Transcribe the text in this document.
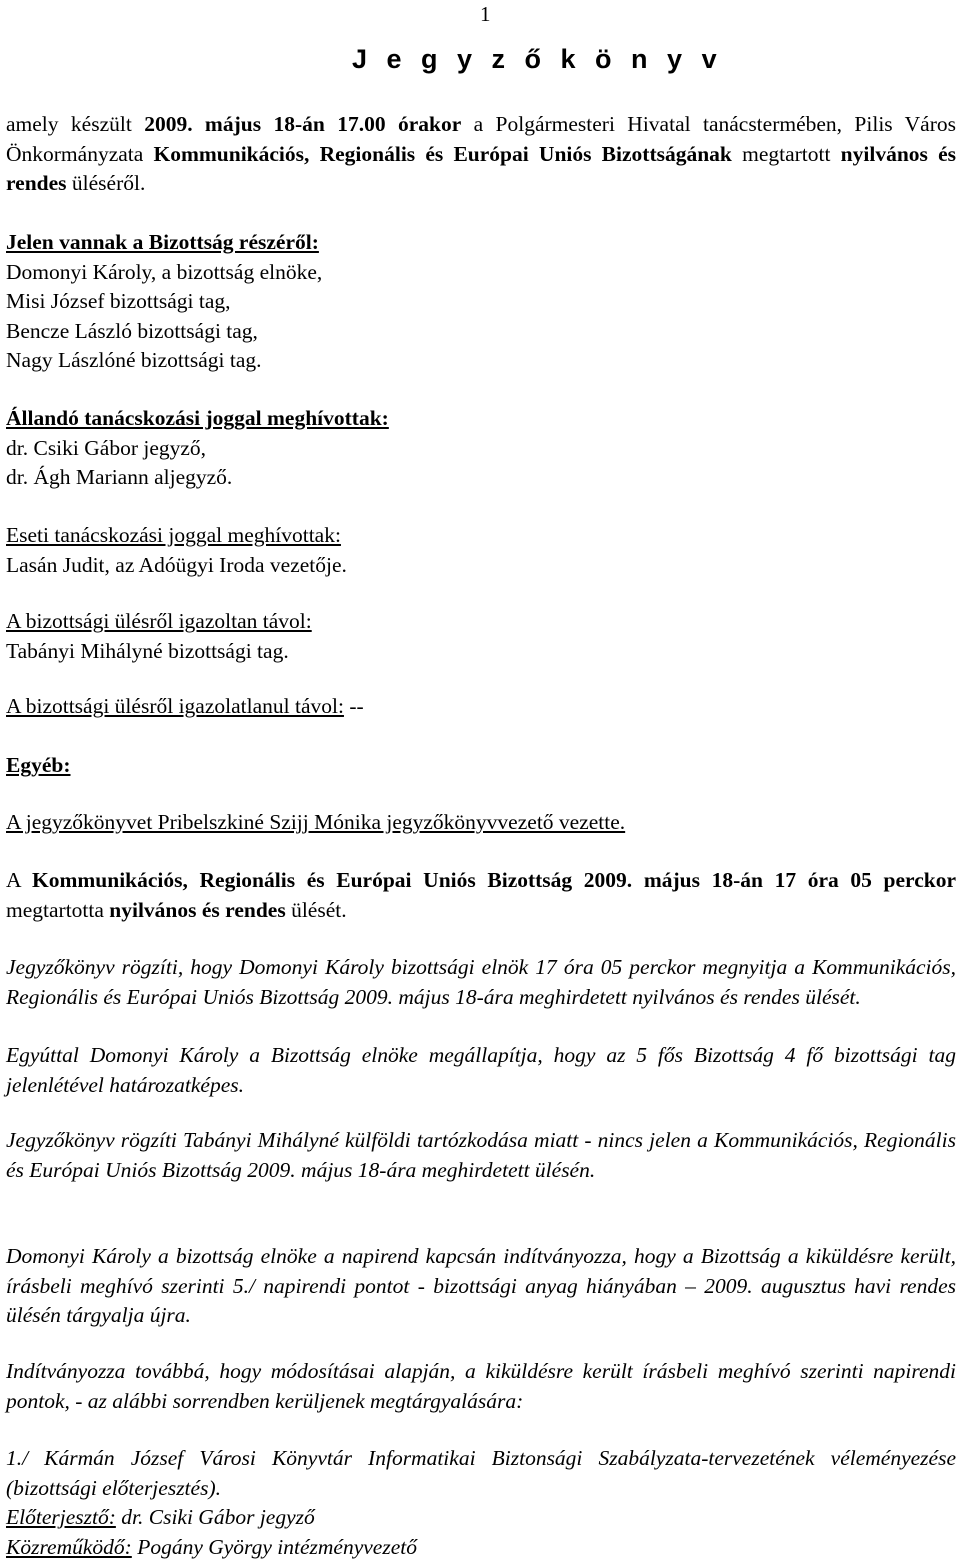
1
J e g y z ő k ö n y v
amely készült 2009. május 18-án 17.00 órakor a Polgármesteri Hivatal tanácstermében, Pilis Város Önkormányzata Kommunikációs, Regionális és Európai Uniós Bizottságának megtartott nyilvános és rendes üléséről.
Jelen vannak a Bizottság részéről:
Domonyi Károly, a bizottság elnöke,
Misi József bizottsági tag,
Bencze László bizottsági tag,
Nagy Lászlóné bizottsági tag.
Állandó tanácskozási joggal meghívottak:
dr. Csiki Gábor jegyző,
dr. Ágh Mariann aljegyző.
Eseti tanácskozási joggal meghívottak:
Lasán Judit, az Adóügyi Iroda vezetője.
A bizottsági ülésről igazoltan távol:
Tabányi Mihályné bizottsági tag.
A bizottsági ülésről igazolatlanul távol: --
Egyéb:
A jegyzőkönyvet Pribelszkiné Szijj Mónika jegyzőkönyvvezető vezette.
A Kommunikációs, Regionális és Európai Uniós Bizottság 2009. május 18-án 17 óra 05 perckor megtartotta nyilvános és rendes ülését.
Jegyzőkönyv rögzíti, hogy Domonyi Károly bizottsági elnök 17 óra 05 perckor megnyitja a Kommunikációs, Regionális és Európai Uniós Bizottság 2009. május 18-ára meghirdetett nyilvános és rendes ülését.
Egyúttal Domonyi Károly a Bizottság elnöke megállapítja, hogy az 5 fős Bizottság 4 fő bizottsági tag jelenlétével határozatképes.
Jegyzőkönyv rögzíti Tabányi Mihályné külföldi tartózkodása miatt - nincs jelen a Kommunikációs, Regionális és Európai Uniós Bizottság 2009. május 18-ára meghirdetett ülésén.
Domonyi Károly a bizottság elnöke a napirend kapcsán indítványozza, hogy a Bizottság a kiküldésre került, írásbeli meghívó szerinti 5./ napirendi pontot - bizottsági anyag hiányában – 2009. augusztus havi rendes ülésén tárgyalja újra.
Indítványozza továbbá, hogy módosításai alapján, a kiküldésre került írásbeli meghívó szerinti napirendi pontok, - az alábbi sorrendben kerüljenek megtárgyalására:
1./ Kármán József Városi Könyvtár Informatikai Biztonsági Szabályzata-tervezetének véleményezése (bizottsági előterjesztés).
Előterjesztő: dr. Csiki Gábor jegyző
Közreműködő: Pogány György intézményvezető
